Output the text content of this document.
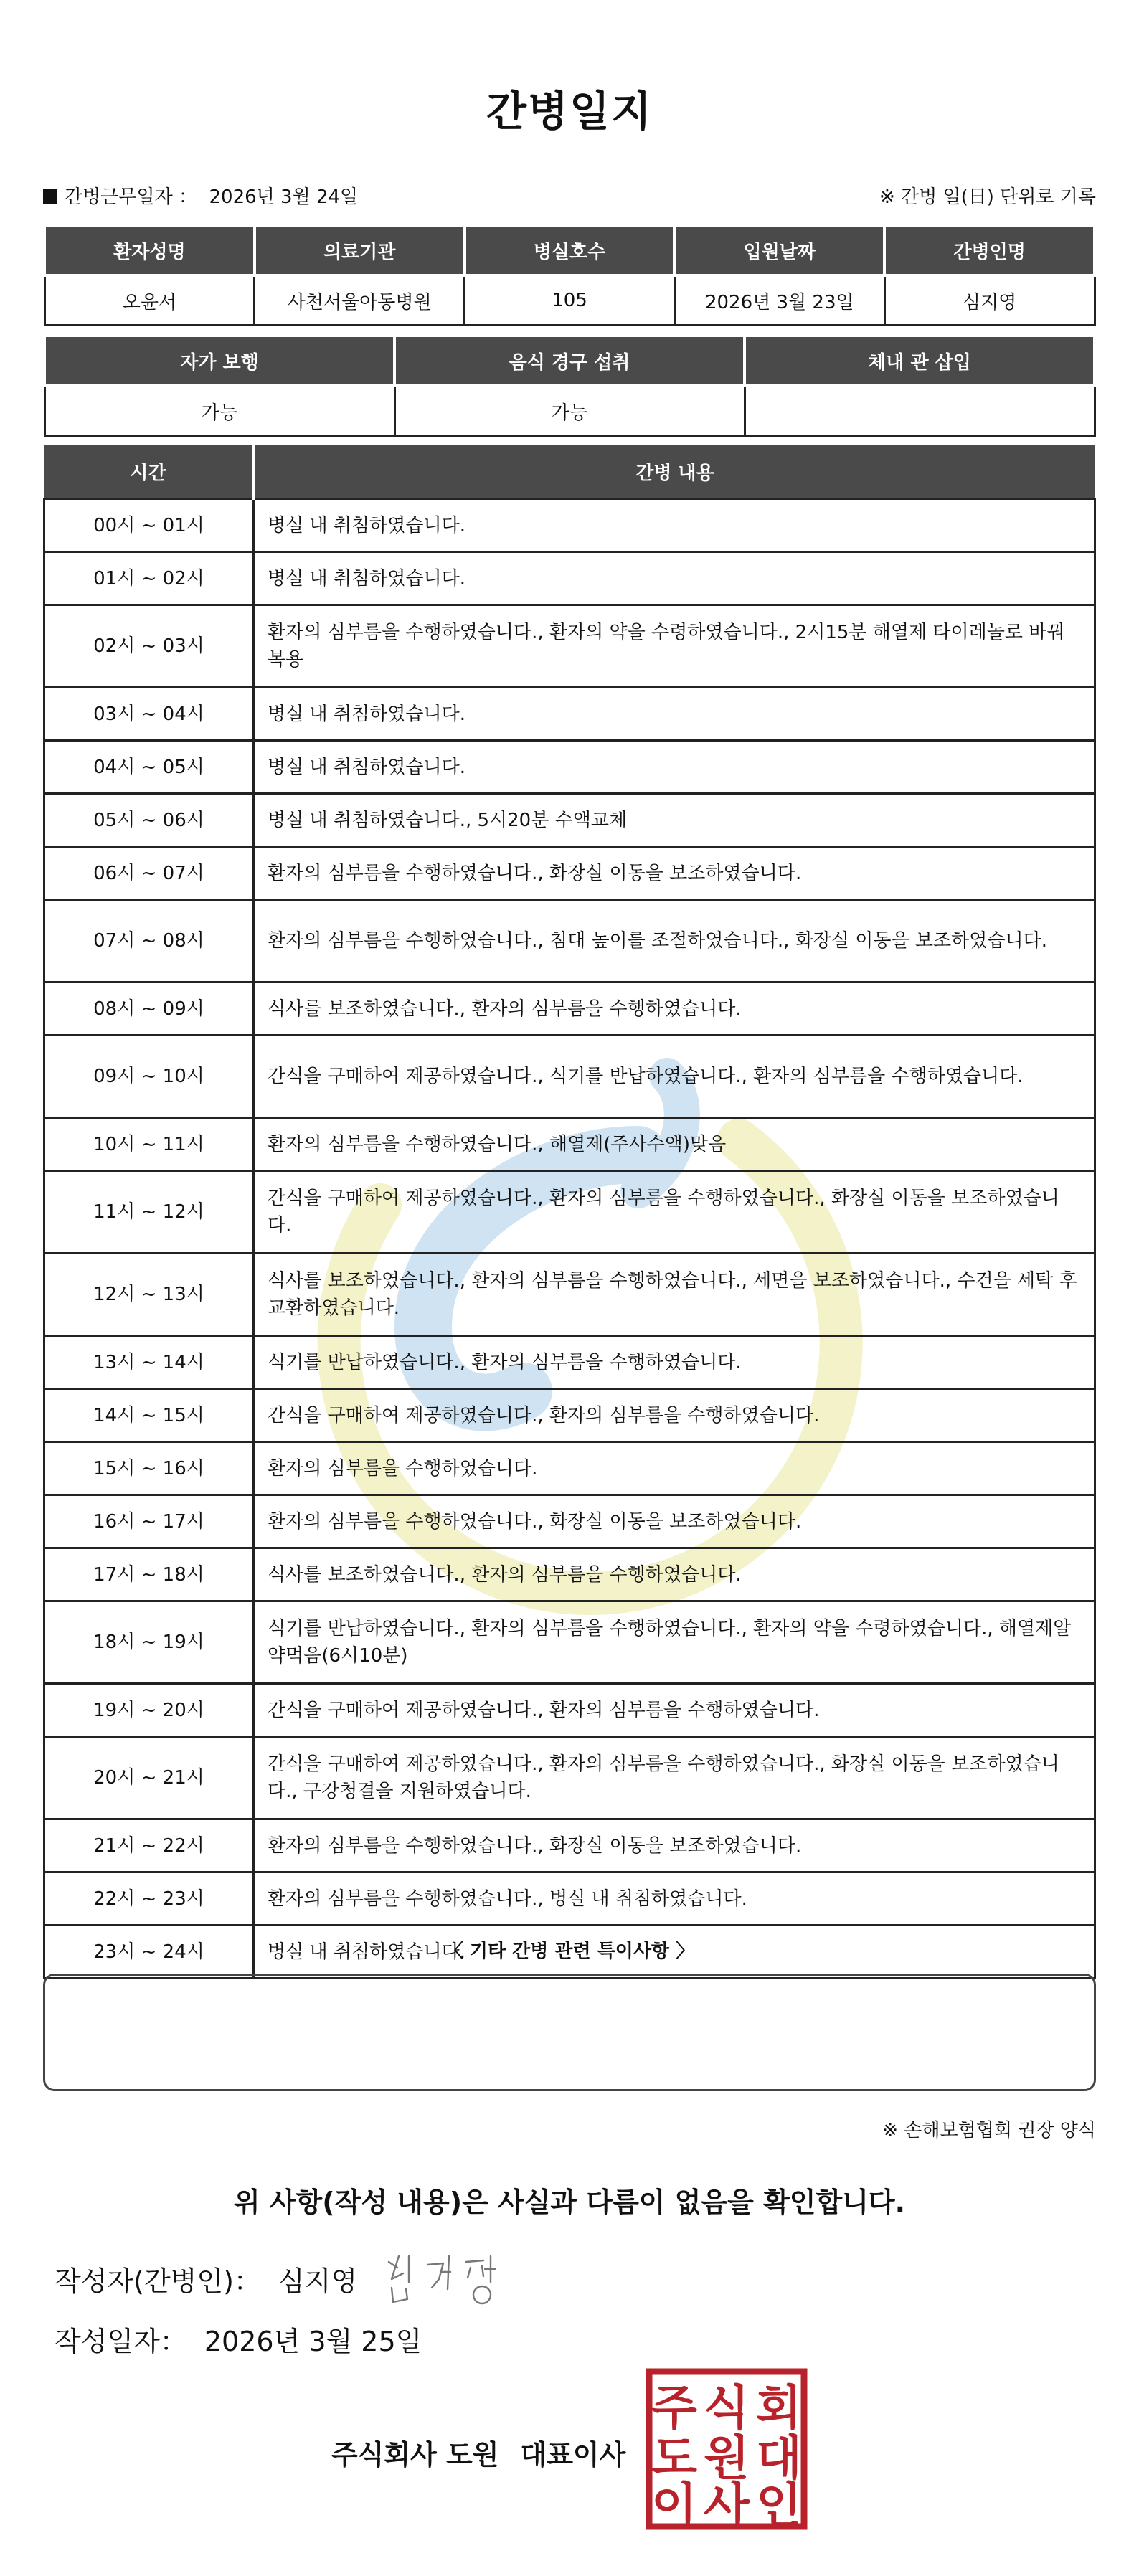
간병일지
간병근무일자 ： 2026년 3월 24일	※ 간병 일(日) 단위로 기록
환자성명	의료기관	병실호수	입원날짜	간병인명
오윤서	사천서울아동병원	105	2026년 3월 23일	심지영
자가 보행	음식 경구 섭취	체내 관 삽입
가능	가능	
시간	간병 내용
00시 ~ 01시	병실 내 취침하였습니다.
01시 ~ 02시	병실 내 취침하였습니다.
02시 ~ 03시	환자의 심부름을 수행하였습니다., 환자의 약을 수령하였습니다., 2시15분 해열제 타이레놀로 바꿔 복용
03시 ~ 04시	병실 내 취침하였습니다.
04시 ~ 05시	병실 내 취침하였습니다.
05시 ~ 06시	병실 내 취침하였습니다., 5시20분 수액교체
06시 ~ 07시	환자의 심부름을 수행하였습니다., 화장실 이동을 보조하였습니다.
07시 ~ 08시	환자의 심부름을 수행하였습니다., 침대 높이를 조절하였습니다., 화장실 이동을 보조하였습니다.
08시 ~ 09시	식사를 보조하였습니다., 환자의 심부름을 수행하였습니다.
09시 ~ 10시	간식을 구매하여 제공하였습니다., 식기를 반납하였습니다., 환자의 심부름을 수행하였습니다.
10시 ~ 11시	환자의 심부름을 수행하였습니다., 해열제(주사수액)맞음
11시 ~ 12시	간식을 구매하여 제공하였습니다., 환자의 심부름을 수행하였습니다., 화장실 이동을 보조하였습니다.
12시 ~ 13시	식사를 보조하였습니다., 환자의 심부름을 수행하였습니다., 세면을 보조하였습니다., 수건을 세탁 후 교환하였습니다.
13시 ~ 14시	식기를 반납하였습니다., 환자의 심부름을 수행하였습니다.
14시 ~ 15시	간식을 구매하여 제공하였습니다., 환자의 심부름을 수행하였습니다.
15시 ~ 16시	환자의 심부름을 수행하였습니다.
16시 ~ 17시	환자의 심부름을 수행하였습니다., 화장실 이동을 보조하였습니다.
17시 ~ 18시	식사를 보조하였습니다., 환자의 심부름을 수행하였습니다.
18시 ~ 19시	식기를 반납하였습니다., 환자의 심부름을 수행하였습니다., 환자의 약을 수령하였습니다., 해열제알약먹음(6시10분)
19시 ~ 20시	간식을 구매하여 제공하였습니다., 환자의 심부름을 수행하였습니다.
20시 ~ 21시	간식을 구매하여 제공하였습니다., 환자의 심부름을 수행하였습니다., 화장실 이동을 보조하였습니다., 구강청결을 지원하였습니다.
21시 ~ 22시	환자의 심부름을 수행하였습니다., 화장실 이동을 보조하였습니다.
22시 ~ 23시	환자의 심부름을 수행하였습니다., 병실 내 취침하였습니다.
23시 ~ 24시	병실 내 취침하였습니다.
〈 기타 간병 관련 특이사항 〉
※ 손해보험협회 권장 양식
위 사항(작성 내용)은 사실과 다름이 없음을 확인합니다.
작성자(간병인)： 심지영
작성일자： 2026년 3월 25일
주식회사 도원 대표이사
주 식 회
도 원 대
이 사 인
